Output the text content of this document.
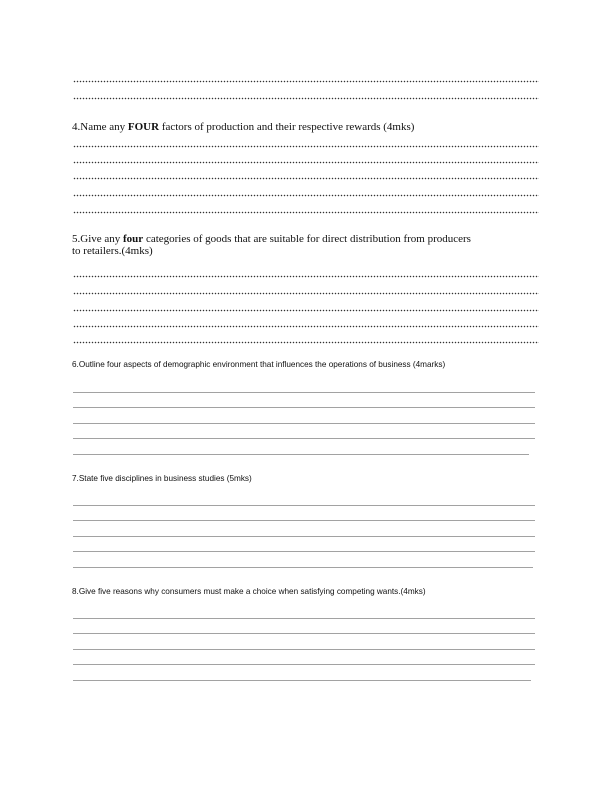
4.Name any FOUR factors of production and their respective rewards (4mks)

5.Give any four categories of goods that are suitable for direct distribution from producers
to retailers.(4mks)

6.Outline four aspects of demographic environment that influences the operations of business (4marks)

7.State five disciplines in business studies (5mks)

8.Give five reasons why consumers must make a choice when satisfying competing wants.(4mks)
